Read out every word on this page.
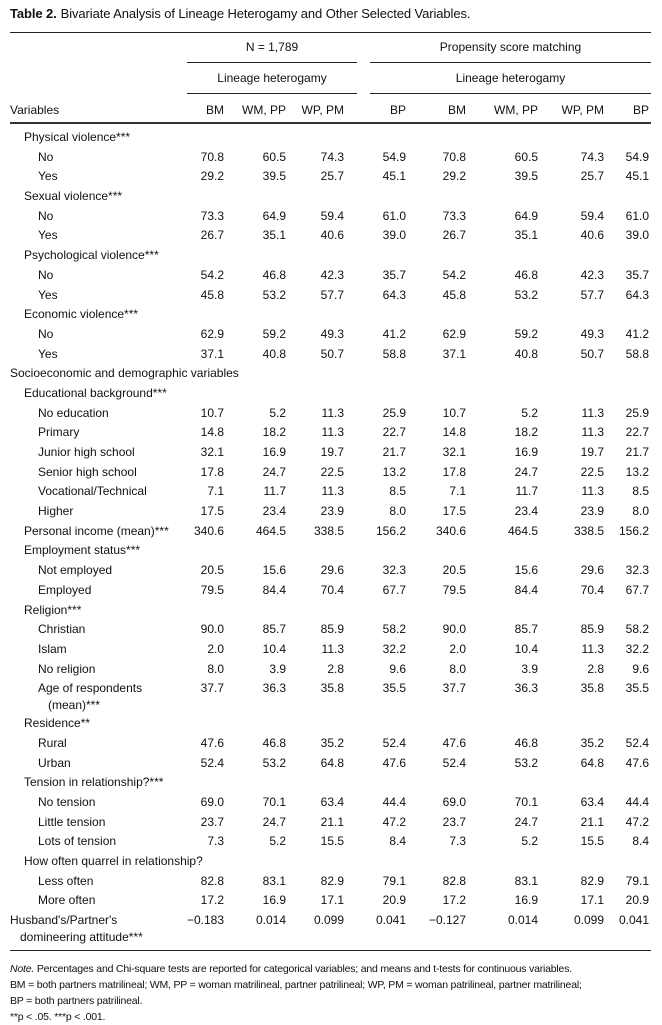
Table 2. Bivariate Analysis of Lineage Heterogamy and Other Selected Variables.
N = 1,789	Propensity score matching
Lineage heterogamy	Lineage heterogamy
Variables	BM	WM, PP	WP, PM	BP	BM	WM, PP	WP, PM	BP

Physical violence***								
No	70.8	60.5	74.3	54.9	70.8	60.5	74.3	54.9
Yes	29.2	39.5	25.7	45.1	29.2	39.5	25.7	45.1
Sexual violence***								
No	73.3	64.9	59.4	61.0	73.3	64.9	59.4	61.0
Yes	26.7	35.1	40.6	39.0	26.7	35.1	40.6	39.0
Psychological violence***								
No	54.2	46.8	42.3	35.7	54.2	46.8	42.3	35.7
Yes	45.8	53.2	57.7	64.3	45.8	53.2	57.7	64.3
Economic violence***								
No	62.9	59.2	49.3	41.2	62.9	59.2	49.3	41.2
Yes	37.1	40.8	50.7	58.8	37.1	40.8	50.7	58.8
Socioeconomic and demographic variables								
Educational background***								
No education	10.7	5.2	11.3	25.9	10.7	5.2	11.3	25.9
Primary	14.8	18.2	11.3	22.7	14.8	18.2	11.3	22.7
Junior high school	32.1	16.9	19.7	21.7	32.1	16.9	19.7	21.7
Senior high school	17.8	24.7	22.5	13.2	17.8	24.7	22.5	13.2
Vocational/Technical	7.1	11.7	11.3	8.5	7.1	11.7	11.3	8.5
Higher	17.5	23.4	23.9	8.0	17.5	23.4	23.9	8.0
Personal income (mean)***	340.6	464.5	338.5	156.2	340.6	464.5	338.5	156.2
Employment status***								
Not employed	20.5	15.6	29.6	32.3	20.5	15.6	29.6	32.3
Employed	79.5	84.4	70.4	67.7	79.5	84.4	70.4	67.7
Religion***								
Christian	90.0	85.7	85.9	58.2	90.0	85.7	85.9	58.2
Islam	2.0	10.4	11.3	32.2	2.0	10.4	11.3	32.2
No religion	8.0	3.9	2.8	9.6	8.0	3.9	2.8	9.6
Age of respondents (mean)***	37.7	36.3	35.8	35.5	37.7	36.3	35.8	35.5
Residence**								
Rural	47.6	46.8	35.2	52.4	47.6	46.8	35.2	52.4
Urban	52.4	53.2	64.8	47.6	52.4	53.2	64.8	47.6
Tension in relationship?***								
No tension	69.0	70.1	63.4	44.4	69.0	70.1	63.4	44.4
Little tension	23.7	24.7	21.1	47.2	23.7	24.7	21.1	47.2
Lots of tension	7.3	5.2	15.5	8.4	7.3	5.2	15.5	8.4
How often quarrel in relationship?								
Less often	82.8	83.1	82.9	79.1	82.8	83.1	82.9	79.1
More often	17.2	16.9	17.1	20.9	17.2	16.9	17.1	20.9
Husband's/Partner's domineering attitude***	−0.183	0.014	0.099	0.041	−0.127	0.014	0.099	0.041
Note. Percentages and Chi-square tests are reported for categorical variables; and means and t-tests for continuous variables.
BM = both partners matrilineal; WM, PP = woman matrilineal, partner patrilineal; WP, PM = woman patrilineal, partner matrilineal;
BP = both partners patrilineal.
**p < .05. ***p < .001.
